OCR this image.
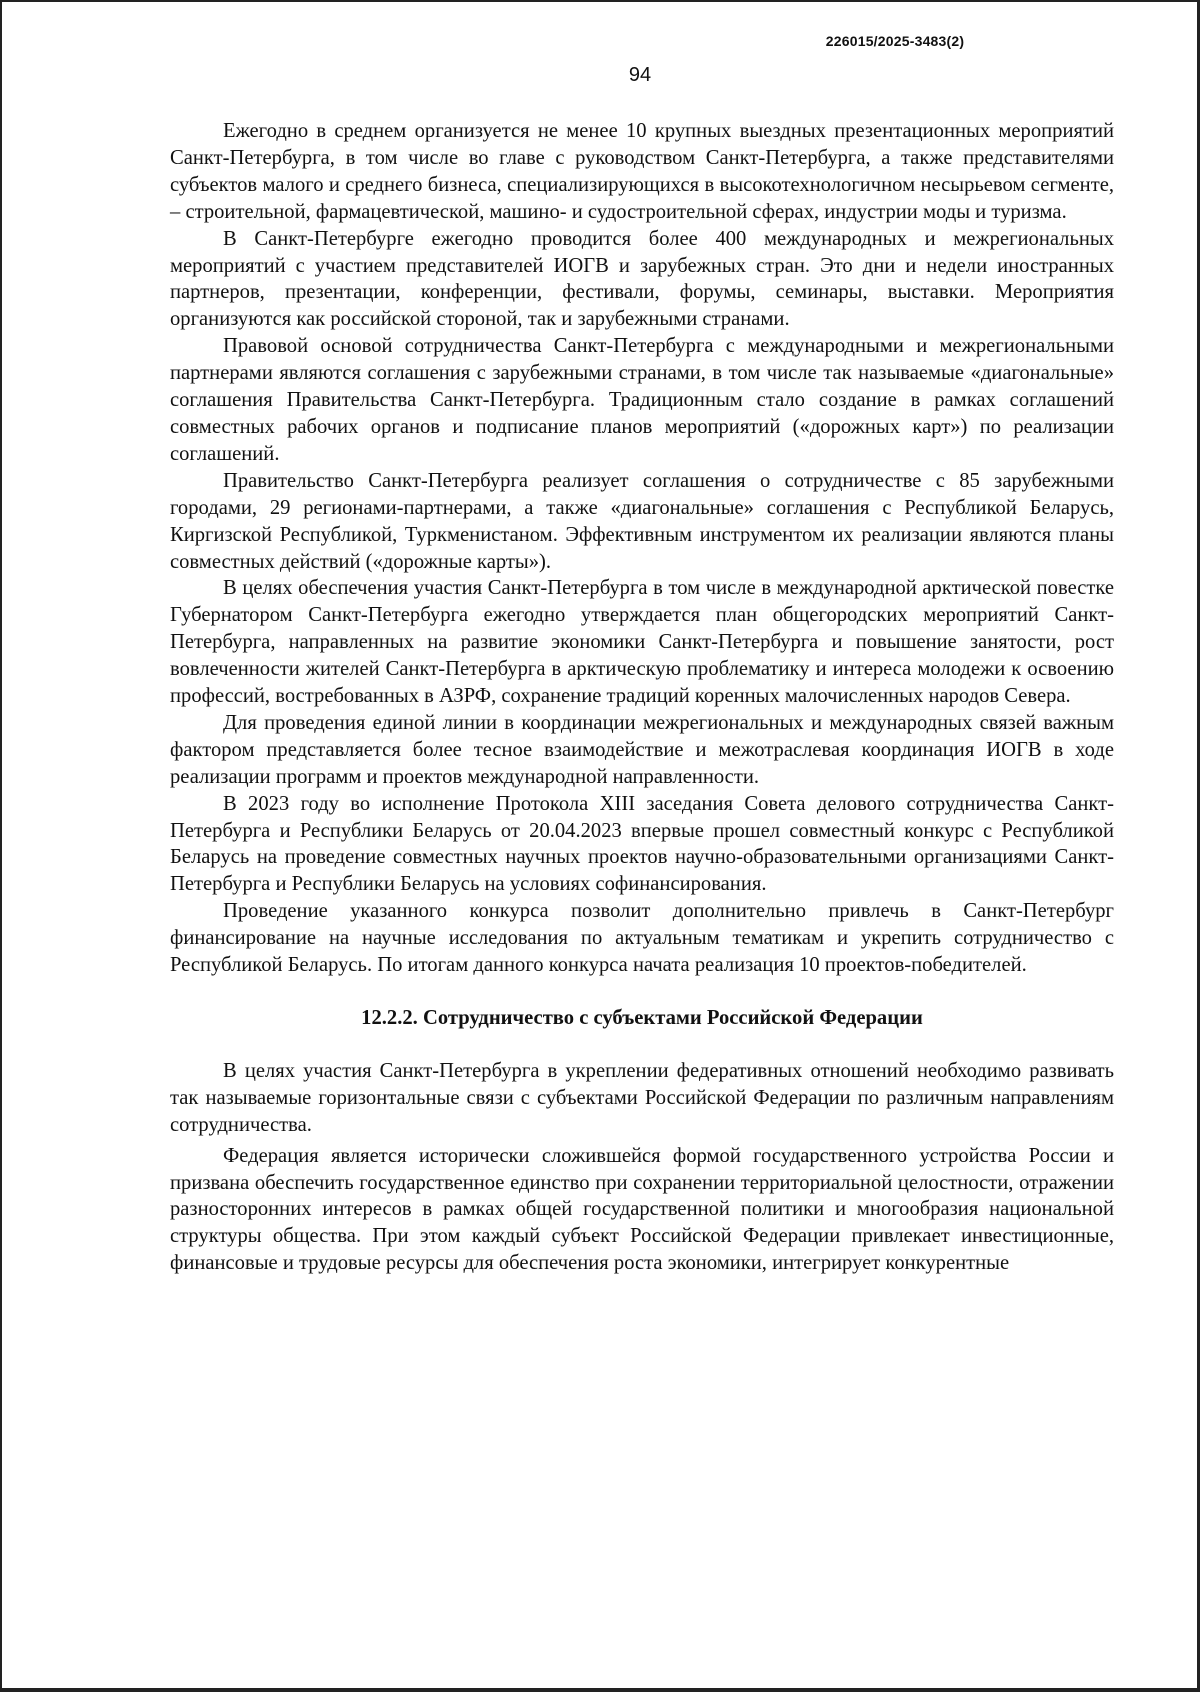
226015/2025-3483(2)
94

Ежегодно в среднем организуется не менее 10 крупных выездных презентационных мероприятий Санкт-Петербурга, в том числе во главе с руководством Санкт-Петербурга, а также представителями субъектов малого и среднего бизнеса, специализирующихся в высокотехнологичном несырьевом сегменте, – строительной, фармацевтической, машино- и судостроительной сферах, индустрии моды и туризма.

В Санкт-Петербурге ежегодно проводится более 400 международных и межрегиональных мероприятий с участием представителей ИОГВ и зарубежных стран. Это дни и недели иностранных партнеров, презентации, конференции, фестивали, форумы, семинары, выставки. Мероприятия организуются как российской стороной, так и зарубежными странами.

Правовой основой сотрудничества Санкт-Петербурга с международными и межрегиональными партнерами являются соглашения с зарубежными странами, в том числе так называемые «диагональные» соглашения Правительства Санкт-Петербурга. Традиционным стало создание в рамках соглашений совместных рабочих органов и подписание планов мероприятий («дорожных карт») по реализации соглашений.

Правительство Санкт-Петербурга реализует соглашения о сотрудничестве с 85 зарубежными городами, 29 регионами-партнерами, а также «диагональные» соглашения с Республикой Беларусь, Киргизской Республикой, Туркменистаном. Эффективным инструментом их реализации являются планы совместных действий («дорожные карты»).

В целях обеспечения участия Санкт-Петербурга в том числе в международной арктической повестке Губернатором Санкт-Петербурга ежегодно утверждается план общегородских мероприятий Санкт-Петербурга, направленных на развитие экономики Санкт-Петербурга и повышение занятости, рост вовлеченности жителей Санкт-Петербурга в арктическую проблематику и интереса молодежи к освоению профессий, востребованных в АЗРФ, сохранение традиций коренных малочисленных народов Севера.

Для проведения единой линии в координации межрегиональных и международных связей важным фактором представляется более тесное взаимодействие и межотраслевая координация ИОГВ в ходе реализации программ и проектов международной направленности.

В 2023 году во исполнение Протокола XIII заседания Совета делового сотрудничества Санкт-Петербурга и Республики Беларусь от 20.04.2023 впервые прошел совместный конкурс с Республикой Беларусь на проведение совместных научных проектов научно-образовательными организациями Санкт-Петербурга и Республики Беларусь на условиях софинансирования.

Проведение указанного конкурса позволит дополнительно привлечь в Санкт-Петербург финансирование на научные исследования по актуальным тематикам и укрепить сотрудничество с Республикой Беларусь. По итогам данного конкурса начата реализация 10 проектов-победителей.

12.2.2. Сотрудничество с субъектами Российской Федерации

В целях участия Санкт-Петербурга в укреплении федеративных отношений необходимо развивать так называемые горизонтальные связи с субъектами Российской Федерации по различным направлениям сотрудничества.

Федерация является исторически сложившейся формой государственного устройства России и призвана обеспечить государственное единство при сохранении территориальной целостности, отражении разносторонних интересов в рамках общей государственной политики и многообразия национальной структуры общества. При этом каждый субъект Российской Федерации привлекает инвестиционные, финансовые и трудовые ресурсы для обеспечения роста экономики, интегрирует конкурентные
